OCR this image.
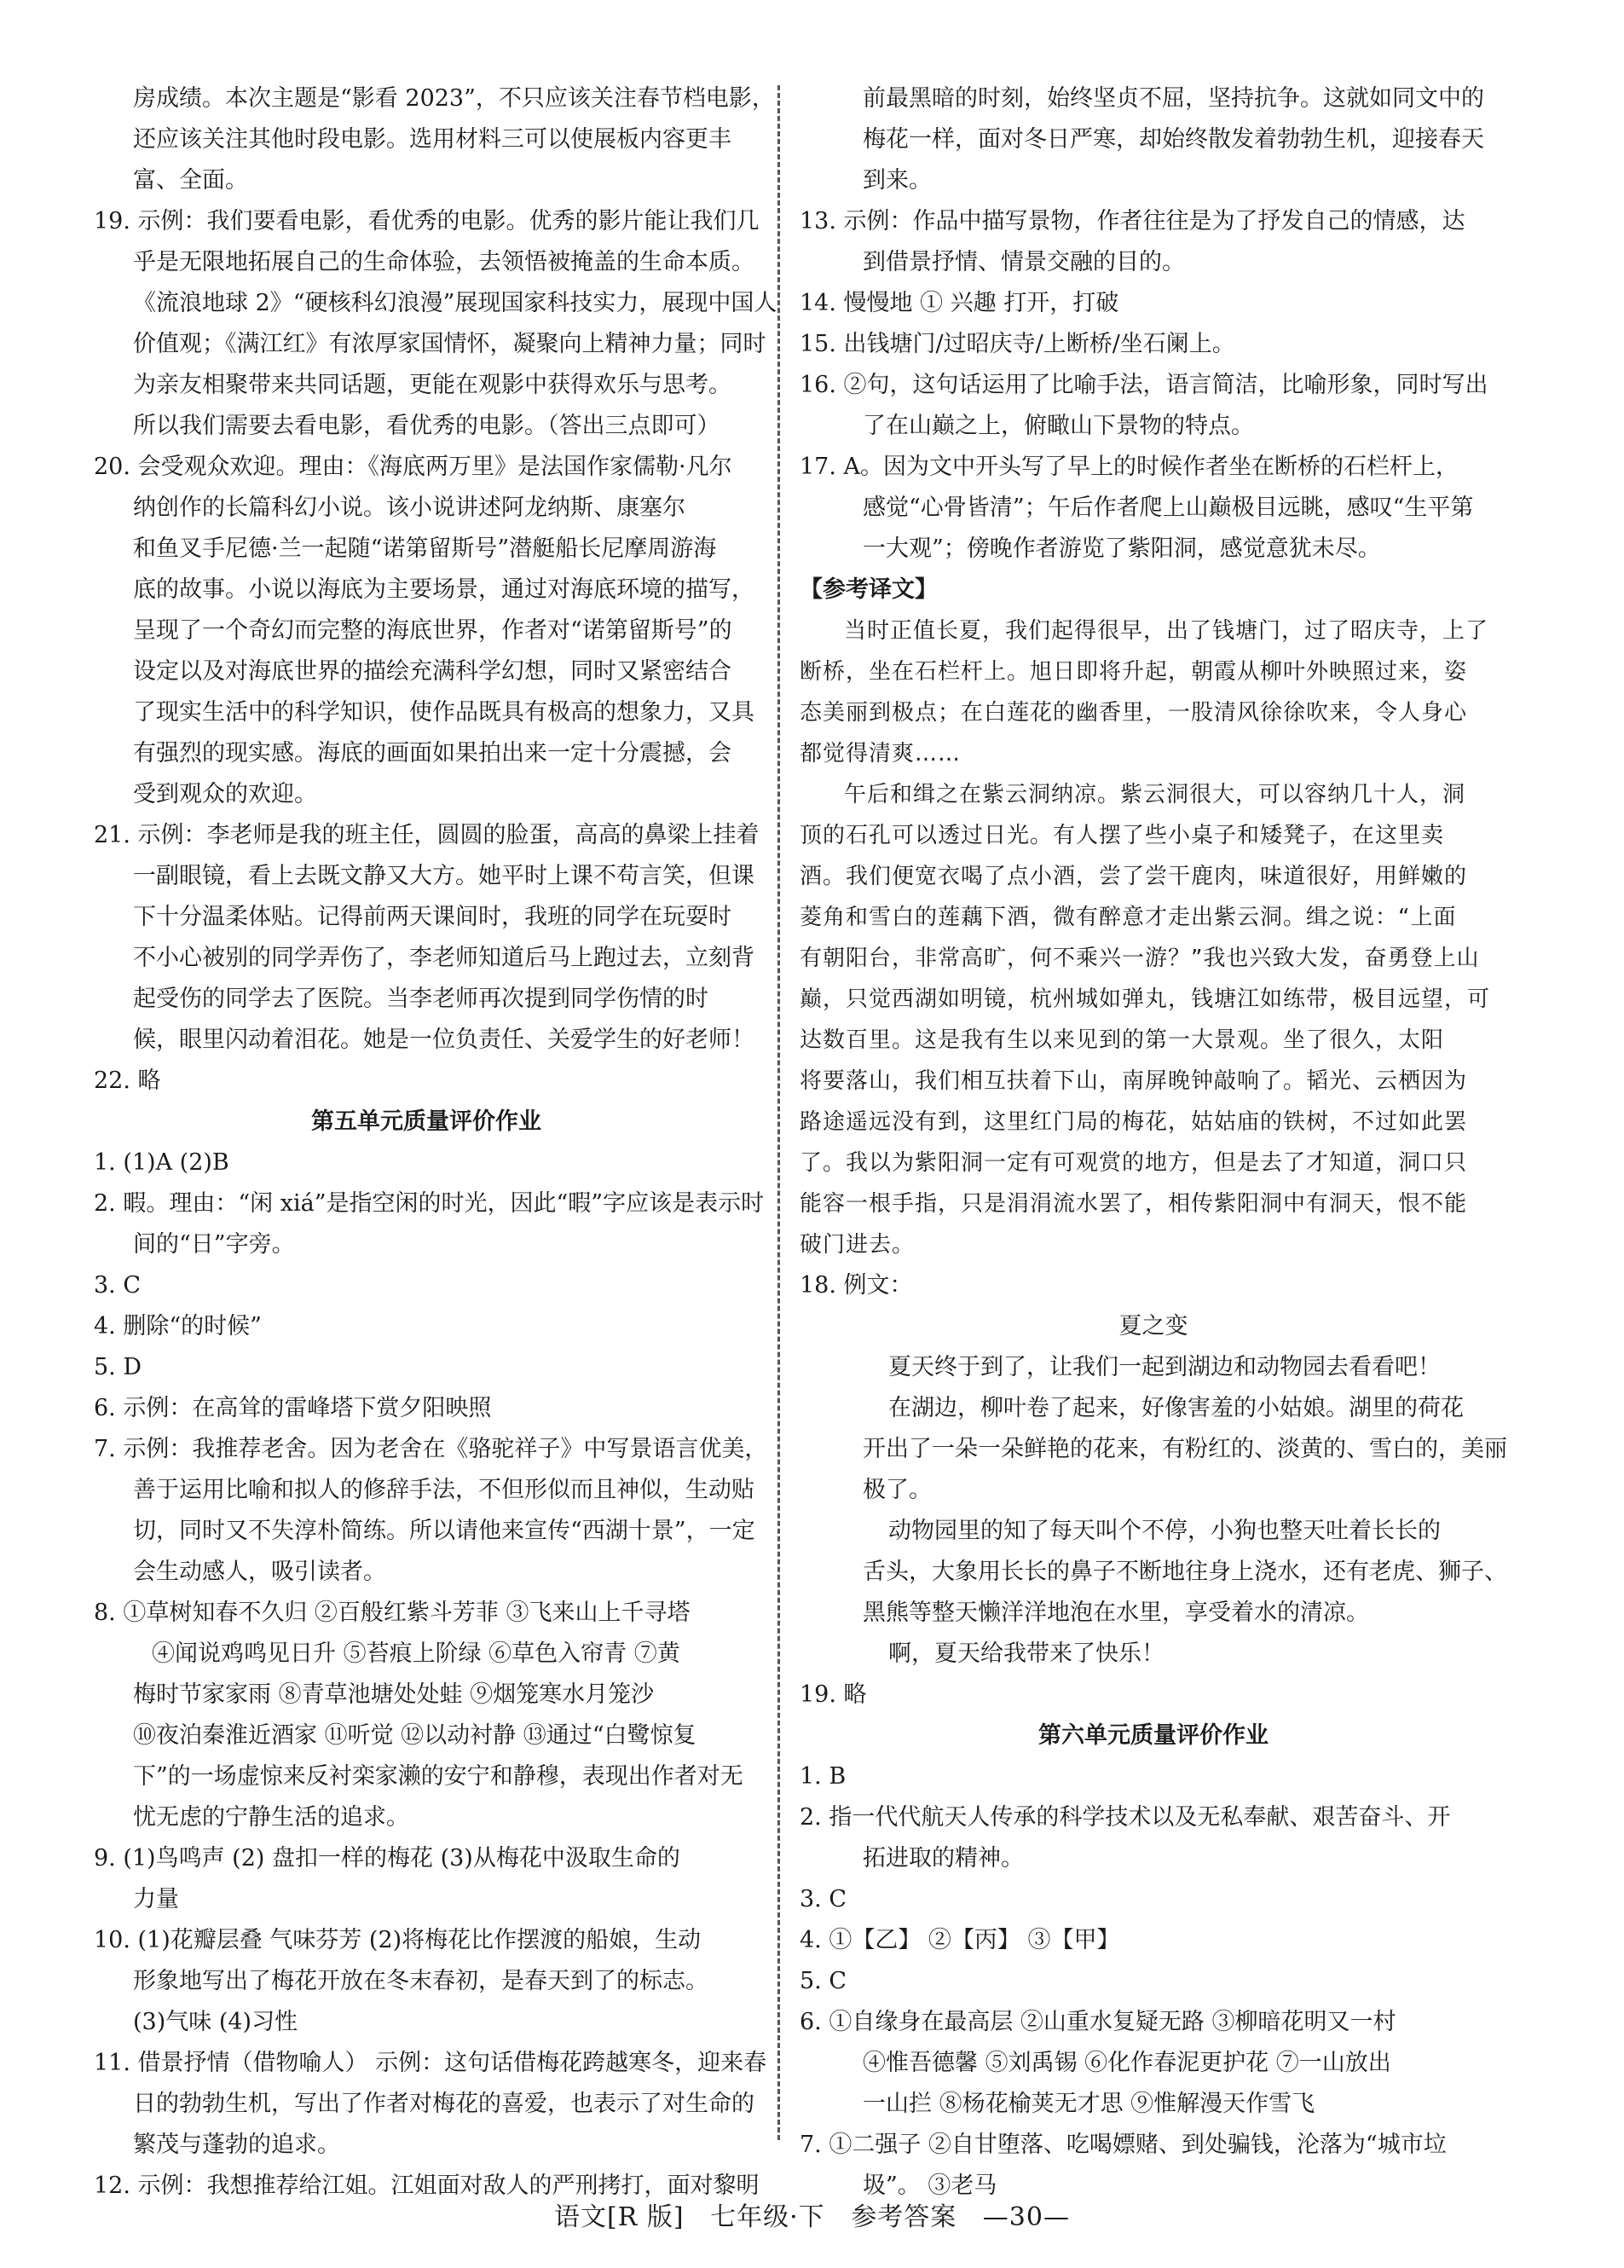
房成绩。本次主题是“影看 2023”，不只应该关注春节档电影，
还应该关注其他时段电影。选用材料三可以使展板内容更丰
富、全面。
19. 示例：我们要看电影，看优秀的电影。优秀的影片能让我们几
乎是无限地拓展自己的生命体验，去领悟被掩盖的生命本质。
《流浪地球 2》“硬核科幻浪漫”展现国家科技实力，展现中国人
价值观；《满江红》有浓厚家国情怀，凝聚向上精神力量；同时
为亲友相聚带来共同话题，更能在观影中获得欢乐与思考。
所以我们需要去看电影，看优秀的电影。（答出三点即可）
20. 会受观众欢迎。理由：《海底两万里》是法国作家儒勒·凡尔
纳创作的长篇科幻小说。该小说讲述阿龙纳斯、康塞尔
和鱼叉手尼德·兰一起随“诺第留斯号”潜艇船长尼摩周游海
底的故事。小说以海底为主要场景，通过对海底环境的描写，
呈现了一个奇幻而完整的海底世界，作者对“诺第留斯号”的
设定以及对海底世界的描绘充满科学幻想，同时又紧密结合
了现实生活中的科学知识，使作品既具有极高的想象力，又具
有强烈的现实感。海底的画面如果拍出来一定十分震撼，会
受到观众的欢迎。
21. 示例：李老师是我的班主任，圆圆的脸蛋，高高的鼻梁上挂着
一副眼镜，看上去既文静又大方。她平时上课不苟言笑，但课
下十分温柔体贴。记得前两天课间时，我班的同学在玩耍时
不小心被别的同学弄伤了，李老师知道后马上跑过去，立刻背
起受伤的同学去了医院。当李老师再次提到同学伤情的时
候，眼里闪动着泪花。她是一位负责任、关爱学生的好老师！
22. 略
第五单元质量评价作业
1. (1)A (2)B
2. 暇。理由：“闲 xiá”是指空闲的时光，因此“暇”字应该是表示时
间的“日”字旁。
3. C
4. 删除“的时候”
5. D
6. 示例：在高耸的雷峰塔下赏夕阳映照
7. 示例：我推荐老舍。因为老舍在《骆驼祥子》中写景语言优美，
善于运用比喻和拟人的修辞手法，不但形似而且神似，生动贴
切，同时又不失淳朴简练。所以请他来宣传“西湖十景”，一定
会生动感人，吸引读者。
8. ①草树知春不久归 ②百般红紫斗芳菲 ③飞来山上千寻塔
④闻说鸡鸣见日升 ⑤苔痕上阶绿 ⑥草色入帘青 ⑦黄
梅时节家家雨 ⑧青草池塘处处蛙 ⑨烟笼寒水月笼沙
⑩夜泊秦淮近酒家 ⑪听觉 ⑫以动衬静 ⑬通过“白鹭惊复
下”的一场虚惊来反衬栾家濑的安宁和静穆，表现出作者对无
忧无虑的宁静生活的追求。
9. (1)鸟鸣声 (2) 盘扣一样的梅花 (3)从梅花中汲取生命的
力量
10. (1)花瓣层叠 气味芬芳 (2)将梅花比作摆渡的船娘，生动
形象地写出了梅花开放在冬末春初，是春天到了的标志。
(3)气味 (4)习性
11. 借景抒情（借物喻人） 示例：这句话借梅花跨越寒冬，迎来春
日的勃勃生机，写出了作者对梅花的喜爱，也表示了对生命的
繁茂与蓬勃的追求。
12. 示例：我想推荐给江姐。江姐面对敌人的严刑拷打，面对黎明
前最黑暗的时刻，始终坚贞不屈，坚持抗争。这就如同文中的
梅花一样，面对冬日严寒，却始终散发着勃勃生机，迎接春天
到来。
13. 示例：作品中描写景物，作者往往是为了抒发自己的情感，达
到借景抒情、情景交融的目的。
14. 慢慢地 ① 兴趣 打开，打破
15. 出钱塘门/过昭庆寺/上断桥/坐石阑上。
16. ②句，这句话运用了比喻手法，语言简洁，比喻形象，同时写出
了在山巅之上，俯瞰山下景物的特点。
17. A。因为文中开头写了早上的时候作者坐在断桥的石栏杆上，
感觉“心骨皆清”；午后作者爬上山巅极目远眺，感叹“生平第
一大观”；傍晚作者游览了紫阳洞，感觉意犹未尽。
【参考译文】
当时正值长夏，我们起得很早，出了钱塘门，过了昭庆寺，上了
断桥，坐在石栏杆上。旭日即将升起，朝霞从柳叶外映照过来，姿
态美丽到极点；在白莲花的幽香里，一股清风徐徐吹来，令人身心
都觉得清爽……
午后和缉之在紫云洞纳凉。紫云洞很大，可以容纳几十人，洞
顶的石孔可以透过日光。有人摆了些小桌子和矮凳子，在这里卖
酒。我们便宽衣喝了点小酒，尝了尝干鹿肉，味道很好，用鲜嫩的
菱角和雪白的莲藕下酒，微有醉意才走出紫云洞。缉之说：“上面
有朝阳台，非常高旷，何不乘兴一游？”我也兴致大发，奋勇登上山
巅，只觉西湖如明镜，杭州城如弹丸，钱塘江如练带，极目远望，可
达数百里。这是我有生以来见到的第一大景观。坐了很久，太阳
将要落山，我们相互扶着下山，南屏晚钟敲响了。韬光、云栖因为
路途遥远没有到，这里红门局的梅花，姑姑庙的铁树，不过如此罢
了。我以为紫阳洞一定有可观赏的地方，但是去了才知道，洞口只
能容一根手指，只是涓涓流水罢了，相传紫阳洞中有洞天，恨不能
破门进去。
18. 例文：
夏之变
夏天终于到了，让我们一起到湖边和动物园去看看吧！
在湖边，柳叶卷了起来，好像害羞的小姑娘。湖里的荷花
开出了一朵一朵鲜艳的花来，有粉红的、淡黄的、雪白的，美丽
极了。
动物园里的知了每天叫个不停，小狗也整天吐着长长的
舌头，大象用长长的鼻子不断地往身上浇水，还有老虎、狮子、
黑熊等整天懒洋洋地泡在水里，享受着水的清凉。
啊，夏天给我带来了快乐！
19. 略
第六单元质量评价作业
1. B
2. 指一代代航天人传承的科学技术以及无私奉献、艰苦奋斗、开
拓进取的精神。
3. C
4. ①【乙】 ②【丙】 ③【甲】
5. C
6. ①自缘身在最高层 ②山重水复疑无路 ③柳暗花明又一村
④惟吾德馨 ⑤刘禹锡 ⑥化作春泥更护花 ⑦一山放出
一山拦 ⑧杨花榆荚无才思 ⑨惟解漫天作雪飞
7. ①二强子 ②自甘堕落、吃喝嫖赌、到处骗钱，沦落为“城市垃
圾”。 ③老马
语文[R 版] 七年级·下 参考答案 —30—
